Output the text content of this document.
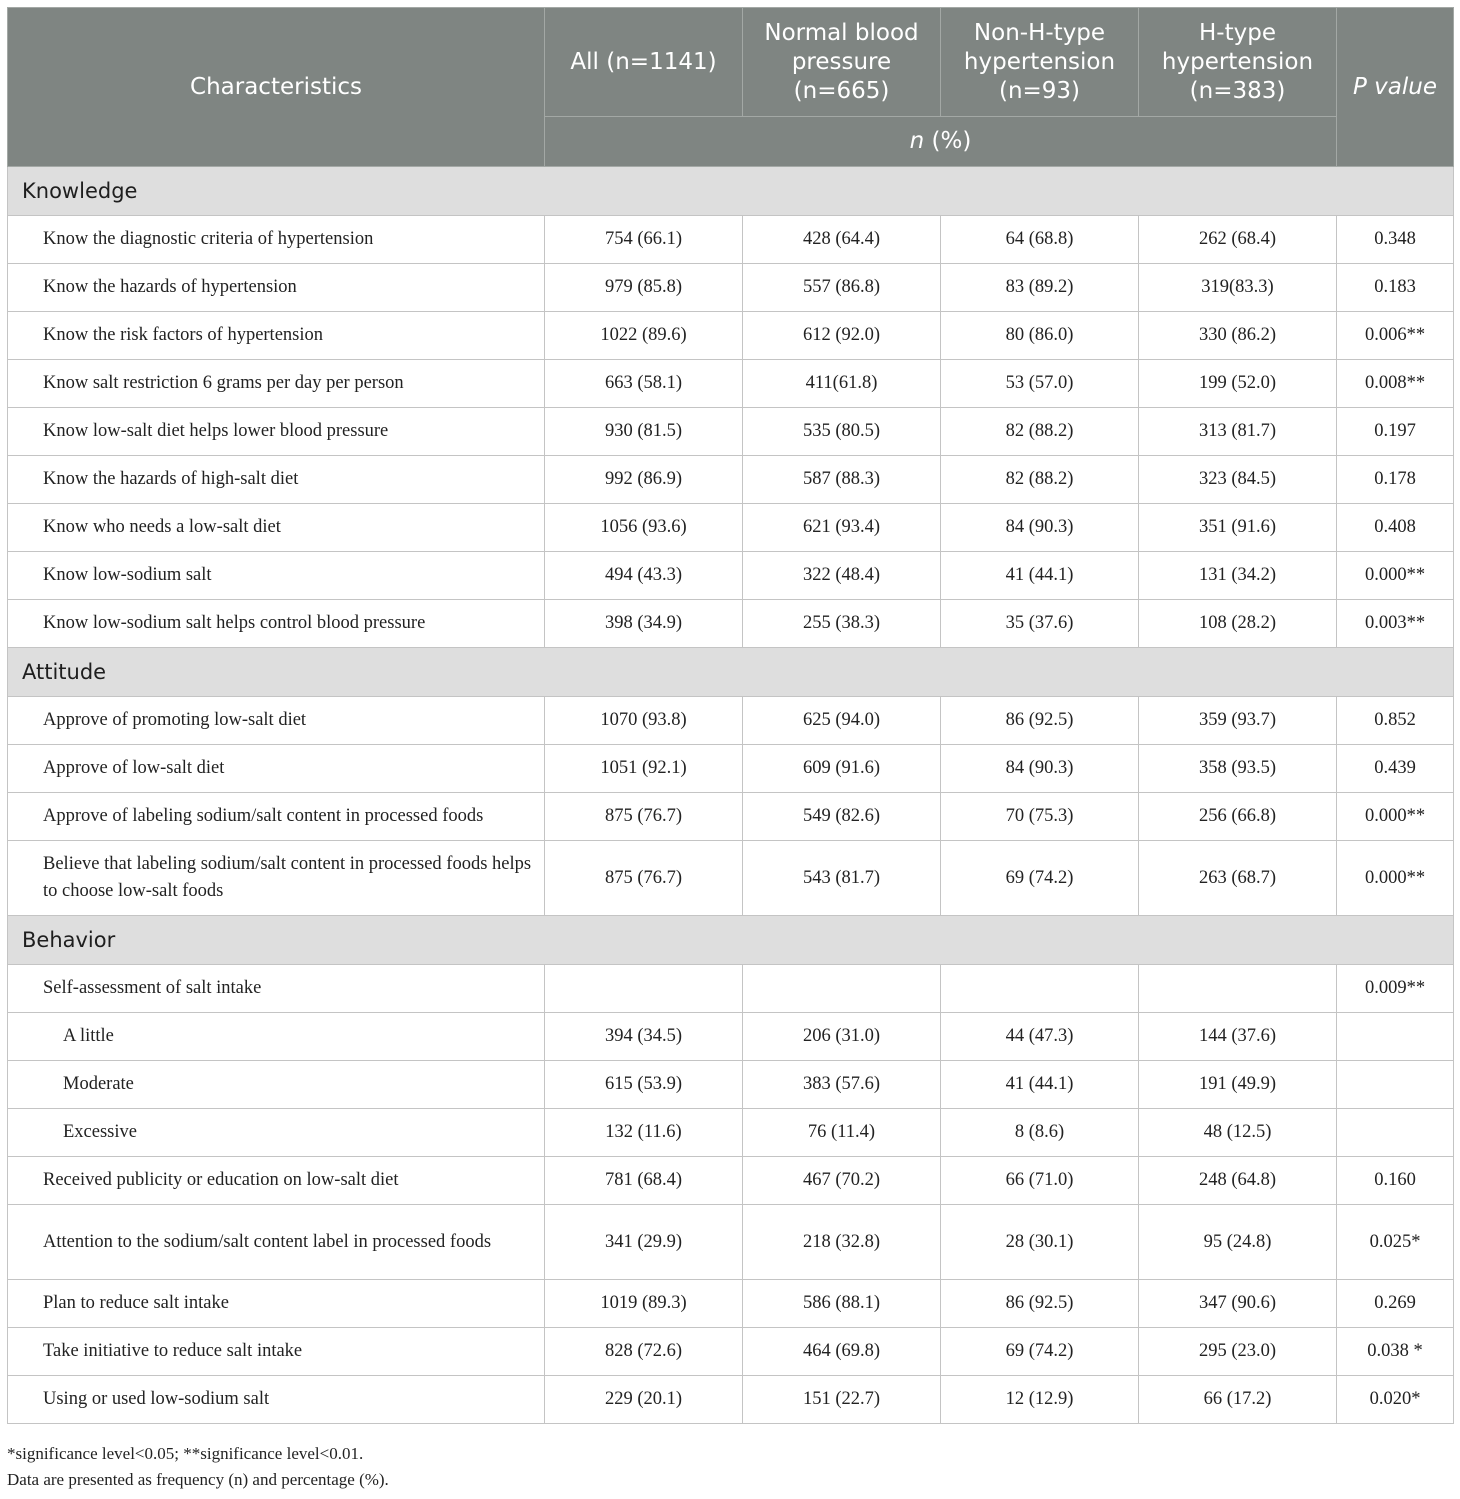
Characteristics	All (n=1141)	Normal blood pressure (n=665)	Non-H-type hypertension (n=93)	H-type hypertension (n=383)	P value
	n (%)				
Knowledge					
Know the diagnostic criteria of hypertension	754 (66.1)	428 (64.4)	64 (68.8)	262 (68.4)	0.348
Know the hazards of hypertension	979 (85.8)	557 (86.8)	83 (89.2)	319(83.3)	0.183
Know the risk factors of hypertension	1022 (89.6)	612 (92.0)	80 (86.0)	330 (86.2)	0.006**
Know salt restriction 6 grams per day per person	663 (58.1)	411(61.8)	53 (57.0)	199 (52.0)	0.008**
Know low-salt diet helps lower blood pressure	930 (81.5)	535 (80.5)	82 (88.2)	313 (81.7)	0.197
Know the hazards of high-salt diet	992 (86.9)	587 (88.3)	82 (88.2)	323 (84.5)	0.178
Know who needs a low-salt diet	1056 (93.6)	621 (93.4)	84 (90.3)	351 (91.6)	0.408
Know low-sodium salt	494 (43.3)	322 (48.4)	41 (44.1)	131 (34.2)	0.000**
Know low-sodium salt helps control blood pressure	398 (34.9)	255 (38.3)	35 (37.6)	108 (28.2)	0.003**
Attitude					
Approve of promoting low-salt diet	1070 (93.8)	625 (94.0)	86 (92.5)	359 (93.7)	0.852
Approve of low-salt diet	1051 (92.1)	609 (91.6)	84 (90.3)	358 (93.5)	0.439
Approve of labeling sodium/salt content in processed foods	875 (76.7)	549 (82.6)	70 (75.3)	256 (66.8)	0.000**
Believe that labeling sodium/salt content in processed foods helps to choose low-salt foods	875 (76.7)	543 (81.7)	69 (74.2)	263 (68.7)	0.000**
Behavior					
Self-assessment of salt intake					0.009**
A little	394 (34.5)	206 (31.0)	44 (47.3)	144 (37.6)	
Moderate	615 (53.9)	383 (57.6)	41 (44.1)	191 (49.9)	
Excessive	132 (11.6)	76 (11.4)	8 (8.6)	48 (12.5)	
Received publicity or education on low-salt diet	781 (68.4)	467 (70.2)	66 (71.0)	248 (64.8)	0.160
Attention to the sodium/salt content label in processed foods	341 (29.9)	218 (32.8)	28 (30.1)	95 (24.8)	0.025*
Plan to reduce salt intake	1019 (89.3)	586 (88.1)	86 (92.5)	347 (90.6)	0.269
Take initiative to reduce salt intake	828 (72.6)	464 (69.8)	69 (74.2)	295 (23.0)	0.038 *
Using or used low-sodium salt	229 (20.1)	151 (22.7)	12 (12.9)	66 (17.2)	0.020*
*significance level<0.05; **significance level<0.01.
Data are presented as frequency (n) and percentage (%).
